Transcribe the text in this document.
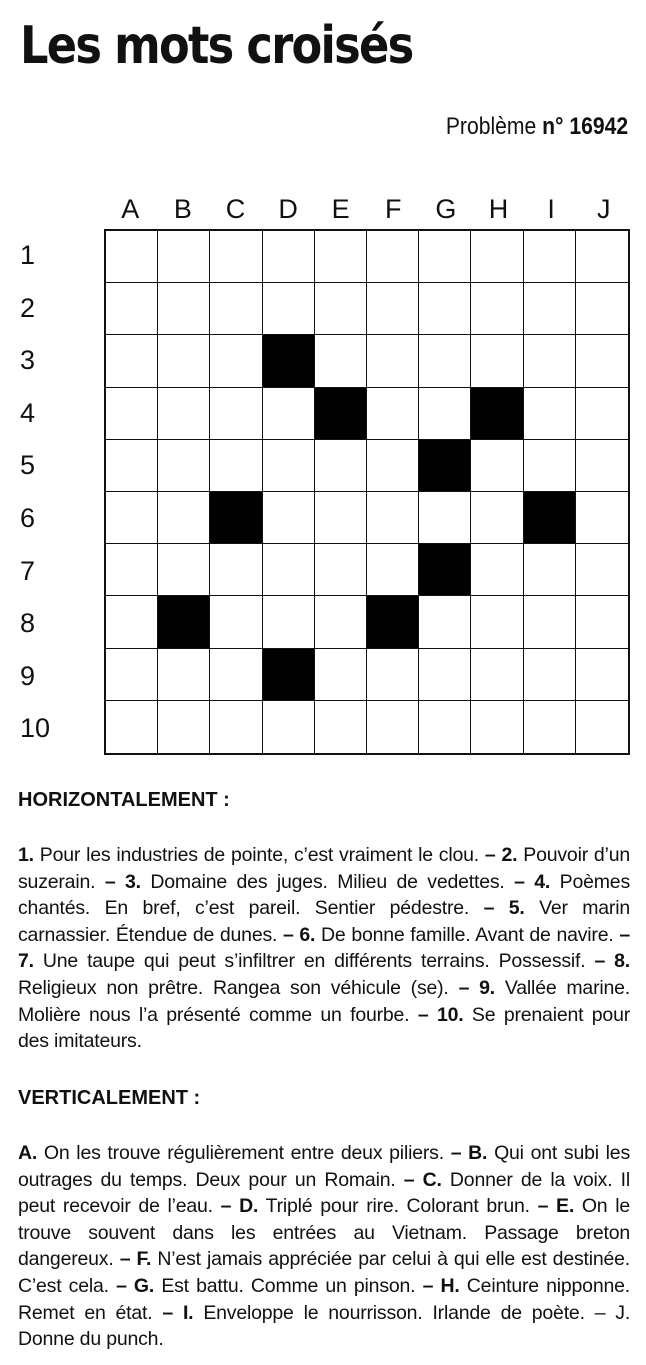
Les mots croisés
Problème n° 16942
A	B	C	D	E	F	G	H	I	J
1
2
3
4
5
6
7
8
9
10
HORIZONTALEMENT :
1. Pour les industries de pointe, c’est vraiment le clou. – 2. Pouvoir d’un suzerain. – 3. Domaine des juges. Milieu de vedettes. – 4. Poèmes chantés. En bref, c’est pareil. Sentier pédestre. – 5. Ver marin carnassier. Étendue de dunes. – 6. De bonne famille. Avant de navire. – 7. Une taupe qui peut s’infiltrer en différents terrains. Possessif. – 8. Religieux non prêtre. Rangea son véhicule (se). – 9. Vallée marine. Molière nous l’a présenté comme un fourbe. – 10. Se prenaient pour des imitateurs.
VERTICALEMENT :
A. On les trouve régulièrement entre deux piliers. – B. Qui ont subi les outrages du temps. Deux pour un Romain. – C. Donner de la voix. Il peut recevoir de l’eau. – D. Triplé pour rire. Colorant brun. – E. On le trouve souvent dans les entrées au Vietnam. Passage breton dangereux. – F. N’est jamais appréciée par celui à qui elle est destinée. C’est cela. – G. Est battu. Comme un pinson. – H. Ceinture nipponne. Remet en état. – I. Enveloppe le nourrisson. Irlande de poète. – J. Donne du punch.
